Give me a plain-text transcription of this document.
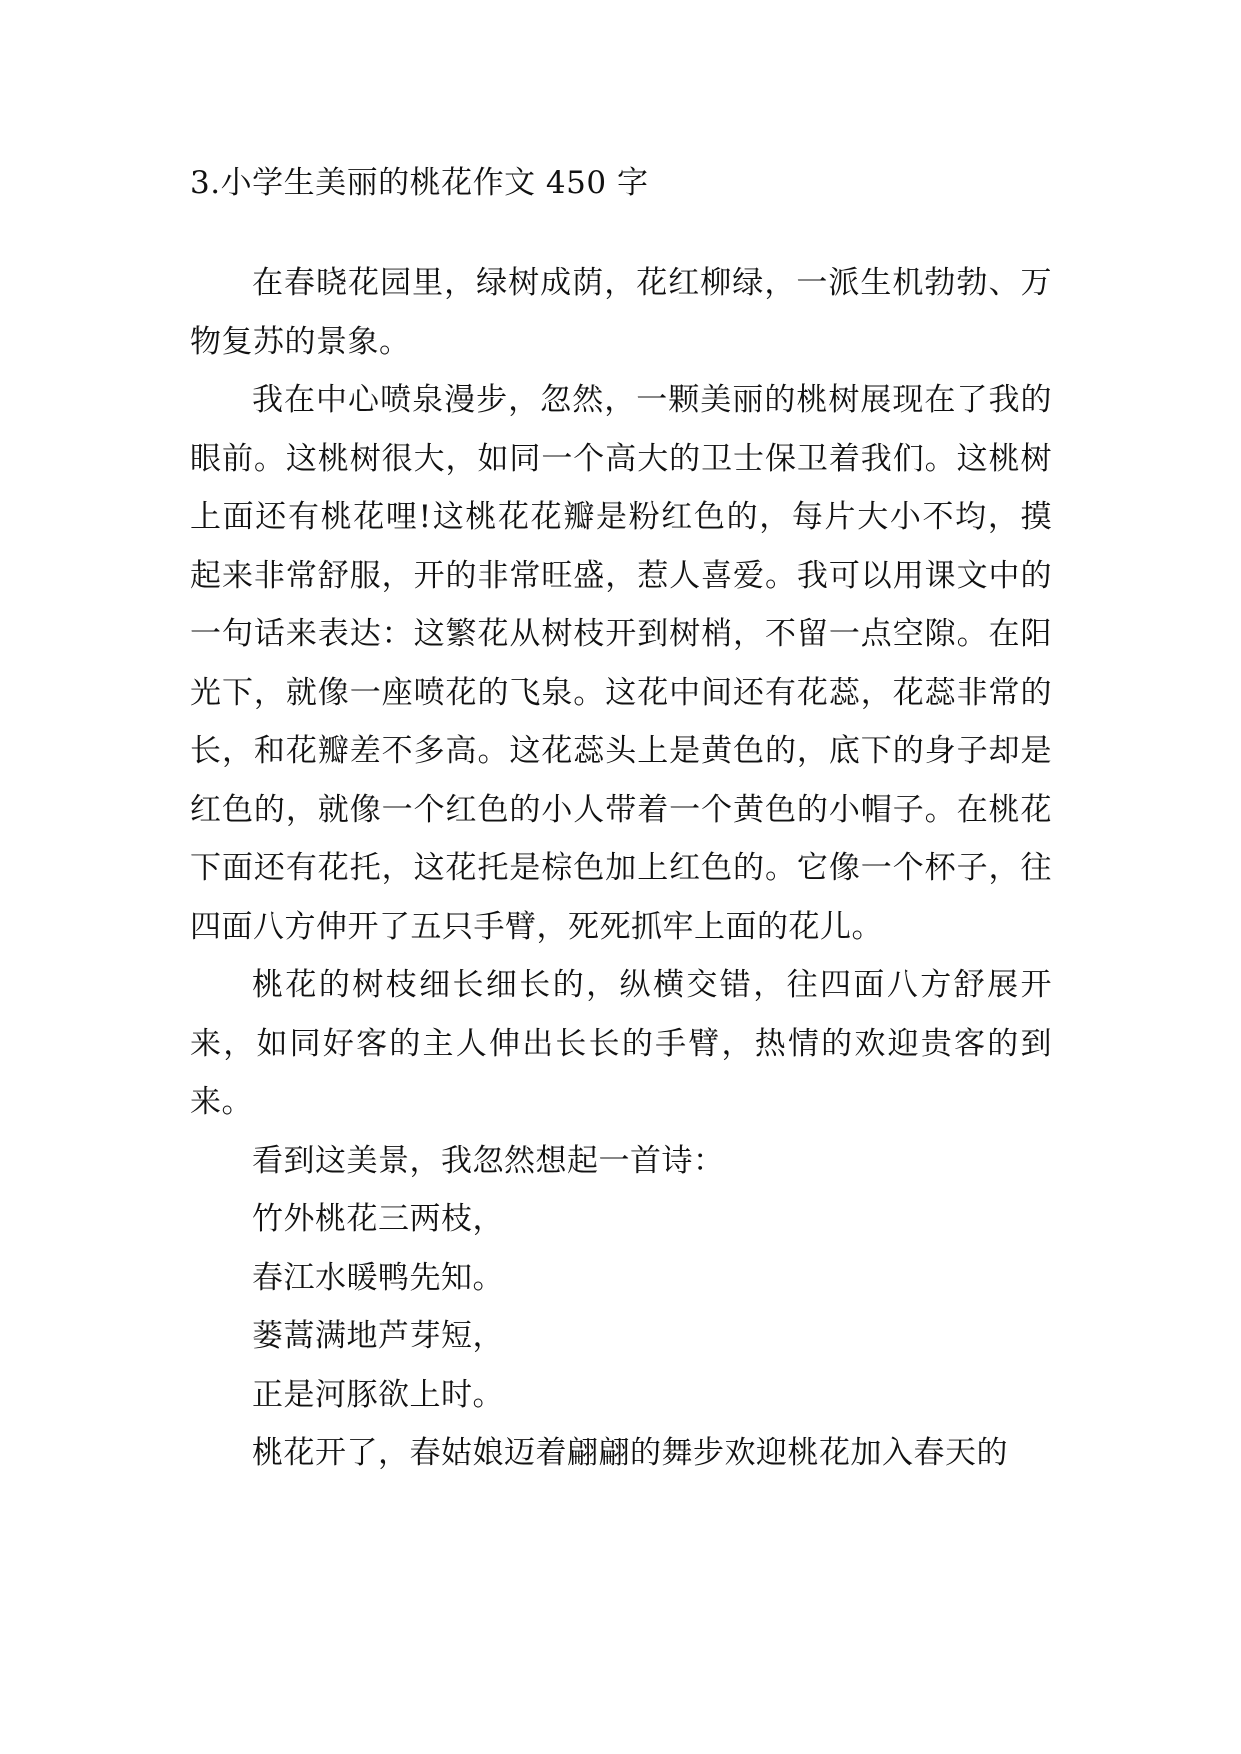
3.小学生美丽的桃花作文 450 字

在春晓花园里，绿树成荫，花红柳绿，一派生机勃勃、万物复苏的景象。

我在中心喷泉漫步，忽然，一颗美丽的桃树展现在了我的眼前。这桃树很大，如同一个高大的卫士保卫着我们。这桃树上面还有桃花哩!这桃花花瓣是粉红色的，每片大小不均，摸起来非常舒服，开的非常旺盛，惹人喜爱。我可以用课文中的一句话来表达：这繁花从树枝开到树梢，不留一点空隙。在阳光下，就像一座喷花的飞泉。这花中间还有花蕊，花蕊非常的长，和花瓣差不多高。这花蕊头上是黄色的，底下的身子却是红色的，就像一个红色的小人带着一个黄色的小帽子。在桃花下面还有花托，这花托是棕色加上红色的。它像一个杯子，往四面八方伸开了五只手臂，死死抓牢上面的花儿。

桃花的树枝细长细长的，纵横交错，往四面八方舒展开来，如同好客的主人伸出长长的手臂，热情的欢迎贵客的到来。

看到这美景，我忽然想起一首诗：

竹外桃花三两枝，

春江水暖鸭先知。

蒌蒿满地芦芽短，

正是河豚欲上时。

桃花开了，春姑娘迈着翩翩的舞步欢迎桃花加入春天的
